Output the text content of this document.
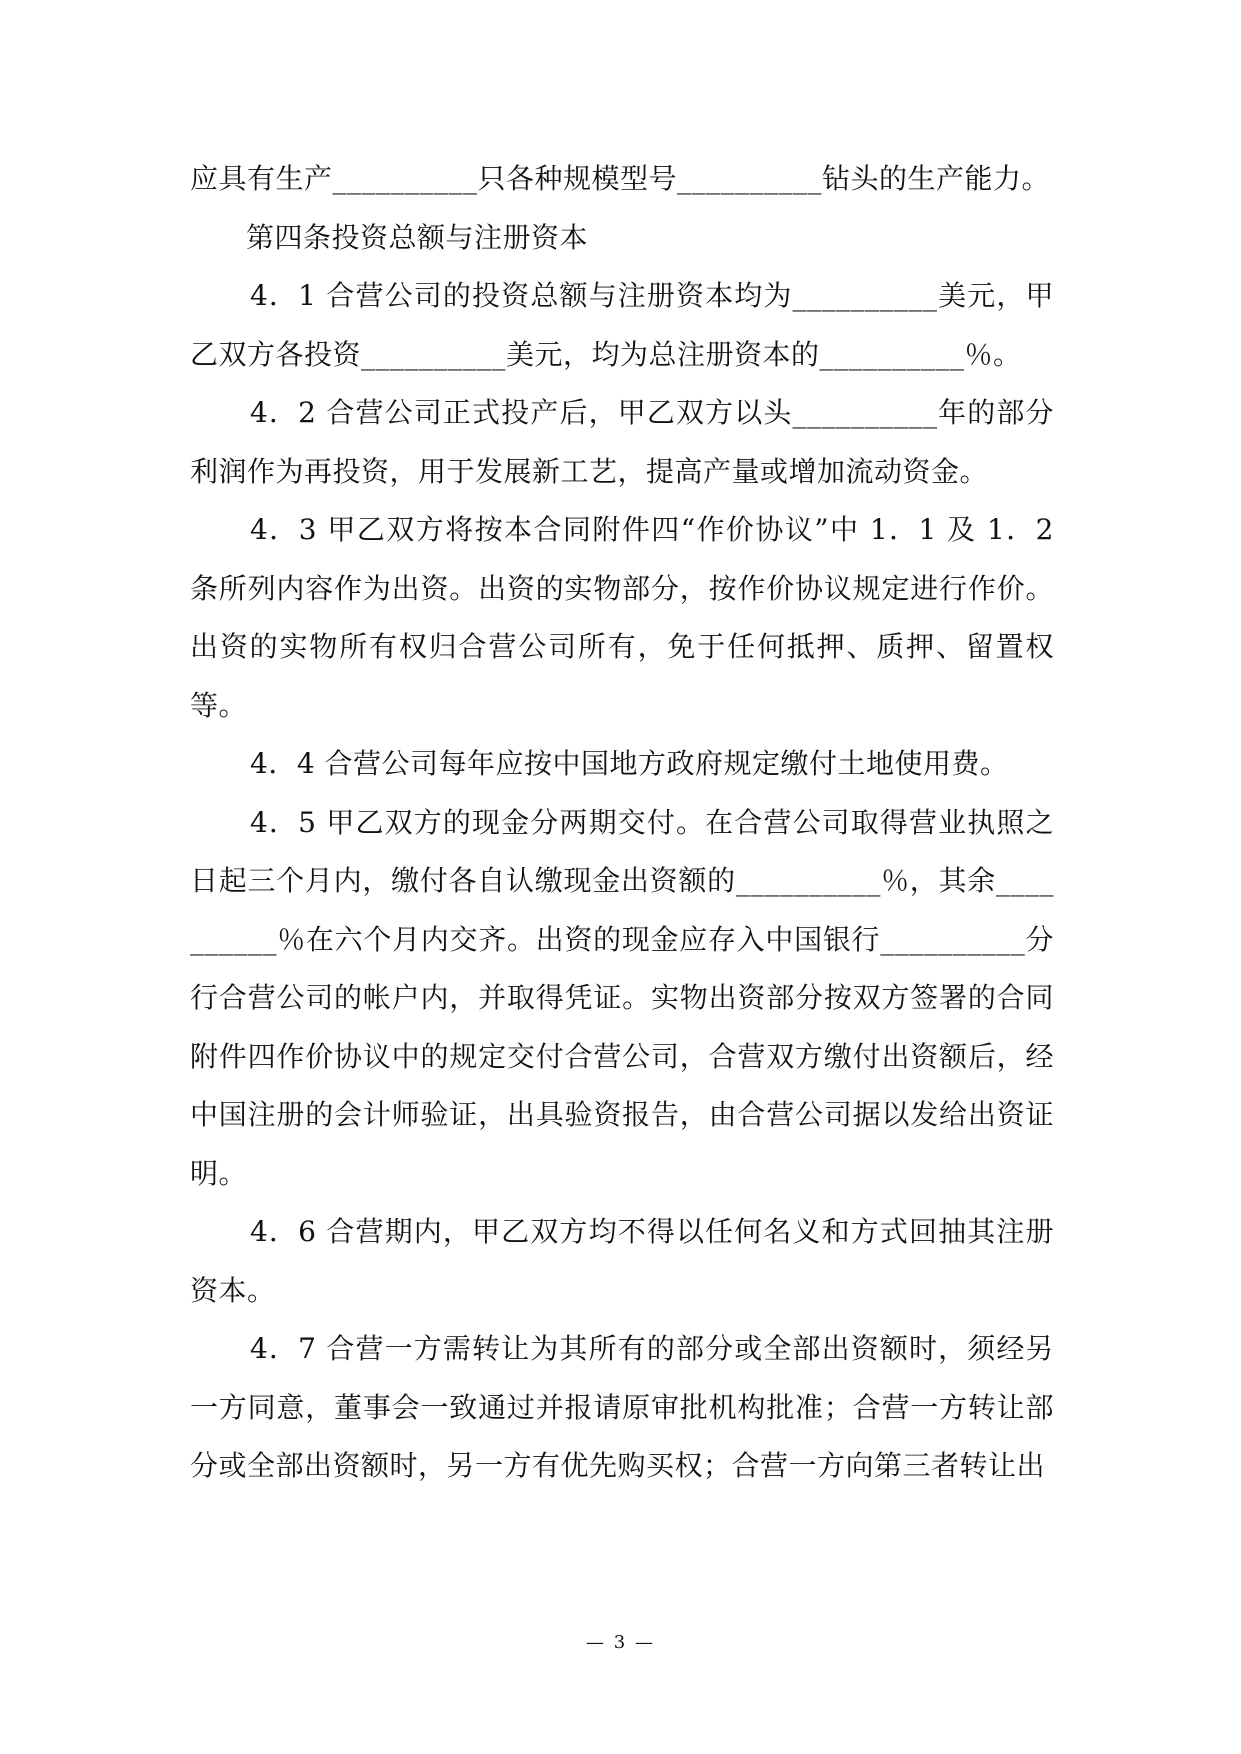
应具有生产__________只各种规模型号__________钻头的生产能力。

第四条投资总额与注册资本

4．1 合营公司的投资总额与注册资本均为__________美元，甲乙双方各投资__________美元，均为总注册资本的__________％。

4．2 合营公司正式投产后，甲乙双方以头__________年的部分利润作为再投资，用于发展新工艺，提高产量或增加流动资金。

4．3 甲乙双方将按本合同附件四“作价协议”中 1．1 及 1．2 条所列内容作为出资。出资的实物部分，按作价协议规定进行作价。出资的实物所有权归合营公司所有，免于任何抵押、质押、留置权等。

4．4 合营公司每年应按中国地方政府规定缴付土地使用费。

4．5 甲乙双方的现金分两期交付。在合营公司取得营业执照之日起三个月内，缴付各自认缴现金出资额的__________％，其余__________％在六个月内交齐。出资的现金应存入中国银行__________分行合营公司的帐户内，并取得凭证。实物出资部分按双方签署的合同附件四作价协议中的规定交付合营公司，合营双方缴付出资额后，经中国注册的会计师验证，出具验资报告，由合营公司据以发给出资证明。

4．6 合营期内，甲乙双方均不得以任何名义和方式回抽其注册资本。

4．7 合营一方需转让为其所有的部分或全部出资额时，须经另一方同意，董事会一致通过并报请原审批机构批准；合营一方转让部分或全部出资额时，另一方有优先购买权；合营一方向第三者转让出

— 3 —
